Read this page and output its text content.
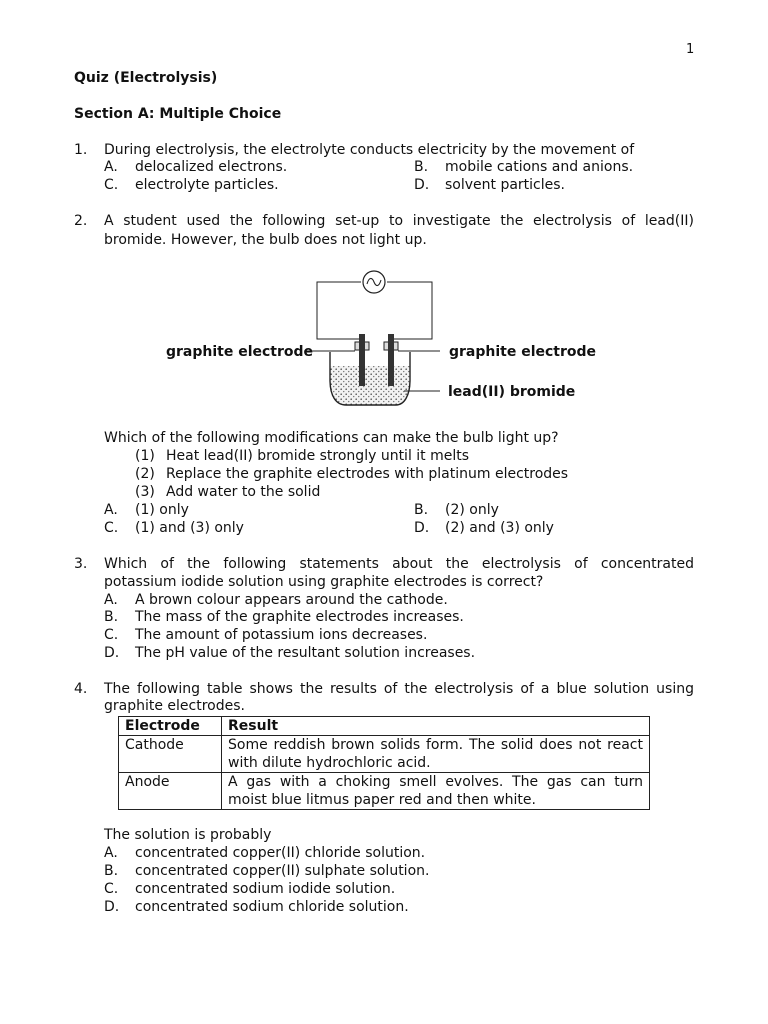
1
Quiz (Electrolysis)
Section A: Multiple Choice
1. During electrolysis, the electrolyte conducts electricity by the movement of
A. delocalized electrons.	B. mobile cations and anions.
C. electrolyte particles.	D. solvent particles.
2. A student used the following set-up to investigate the electrolysis of lead(II)
bromide. However, the bulb does not light up.
graphite electrode	graphite electrode
lead(II) bromide
Which of the following modifications can make the bulb light up?
(1) Heat lead(II) bromide strongly until it melts
(2) Replace the graphite electrodes with platinum electrodes
(3) Add water to the solid
A. (1) only	B. (2) only
C. (1) and (3) only	D. (2) and (3) only
3. Which of the following statements about the electrolysis of concentrated
potassium iodide solution using graphite electrodes is correct?
A. A brown colour appears around the cathode.
B. The mass of the graphite electrodes increases.
C. The amount of potassium ions decreases.
D. The pH value of the resultant solution increases.
4. The following table shows the results of the electrolysis of a blue solution using
graphite electrodes.
Electrode	Result
Cathode	Some reddish brown solids form. The solid does not react
with dilute hydrochloric acid.

Anode	A gas with a choking smell evolves. The gas can turn
moist blue litmus paper red and then white.
The solution is probably
A. concentrated copper(II) chloride solution.
B. concentrated copper(II) sulphate solution.
C. concentrated sodium iodide solution.
D. concentrated sodium chloride solution.
